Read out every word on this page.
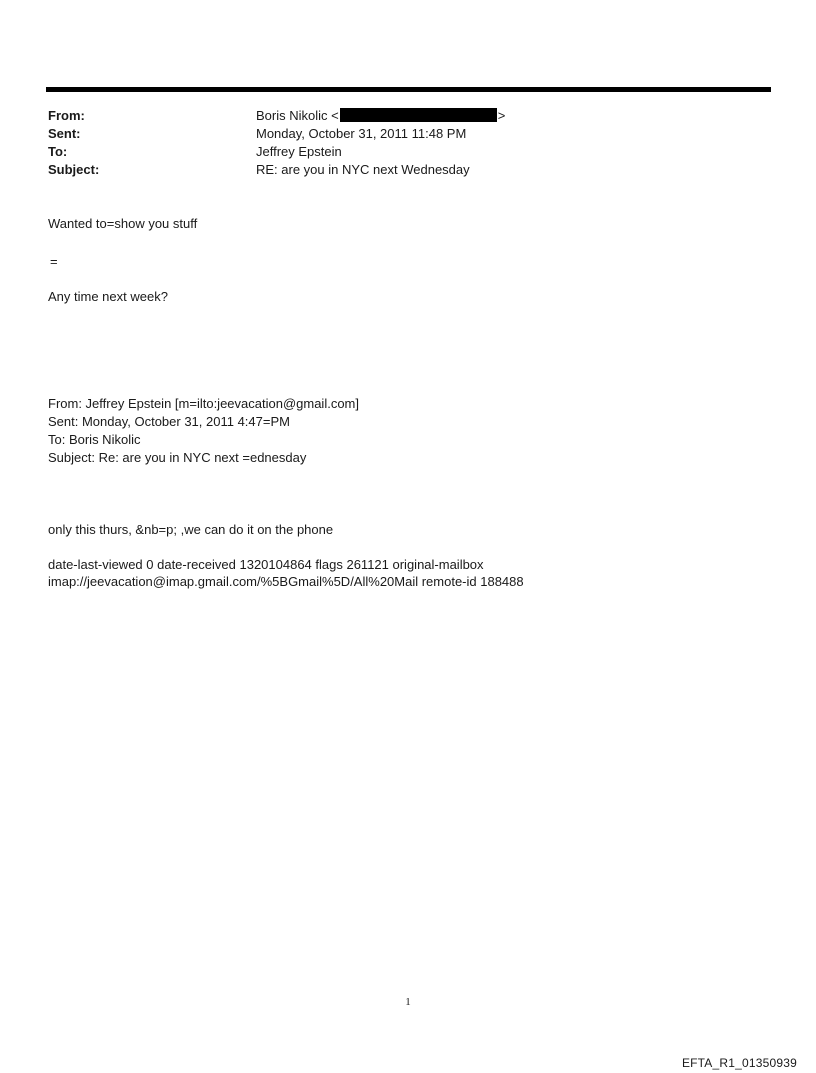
From:	Boris Nikolic <	>
Sent:	Monday, October 31, 2011 11:48 PM
To:	Jeffrey Epstein
Subject:	RE: are you in NYC next Wednesday
Wanted to=show you stuff
=
Any time next week?
From: Jeffrey Epstein [m=ilto:jeevacation@gmail.com]
Sent: Monday, October 31, 2011 4:47=PM
To: Boris Nikolic
Subject: Re: are you in NYC next =ednesday
only this thurs, &nb=p; ,we can do it on the phone
date-last-viewed 0 date-received 1320104864 flags 261121 original-mailbox
imap://jeevacation@imap.gmail.com/%5BGmail%5D/All%20Mail remote-id 188488
1
EFTA_R1_01350939
